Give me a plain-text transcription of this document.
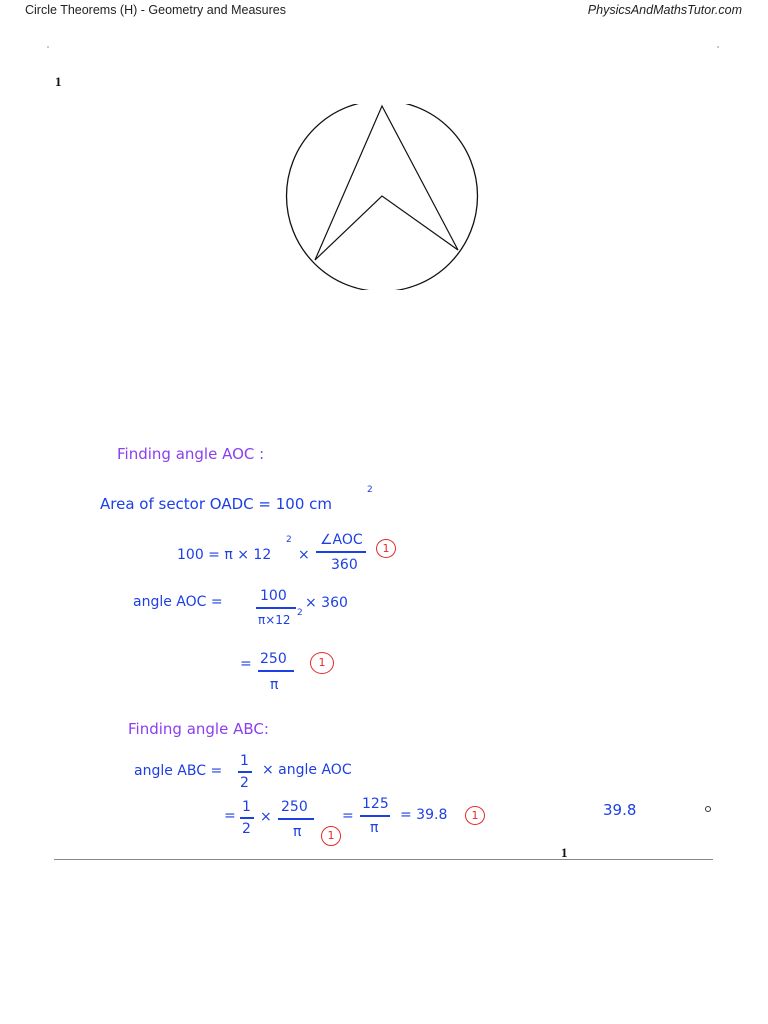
Circle Theorems (H) - Geometry and Measures	PhysicsAndMathsTutor.com
1
Finding angle AOC :
Area of sector OADC = 100 cm
2
100 = π × 12
2
×
∠AOC
360
1
angle AOC =	100
π×12 2
× 360
= 250
π
1
Finding angle ABC:
angle ABC =
1
2
× angle AOC
=
1
2
×
250
π	1
=
125
π
= 39.8	1	39.8
1
